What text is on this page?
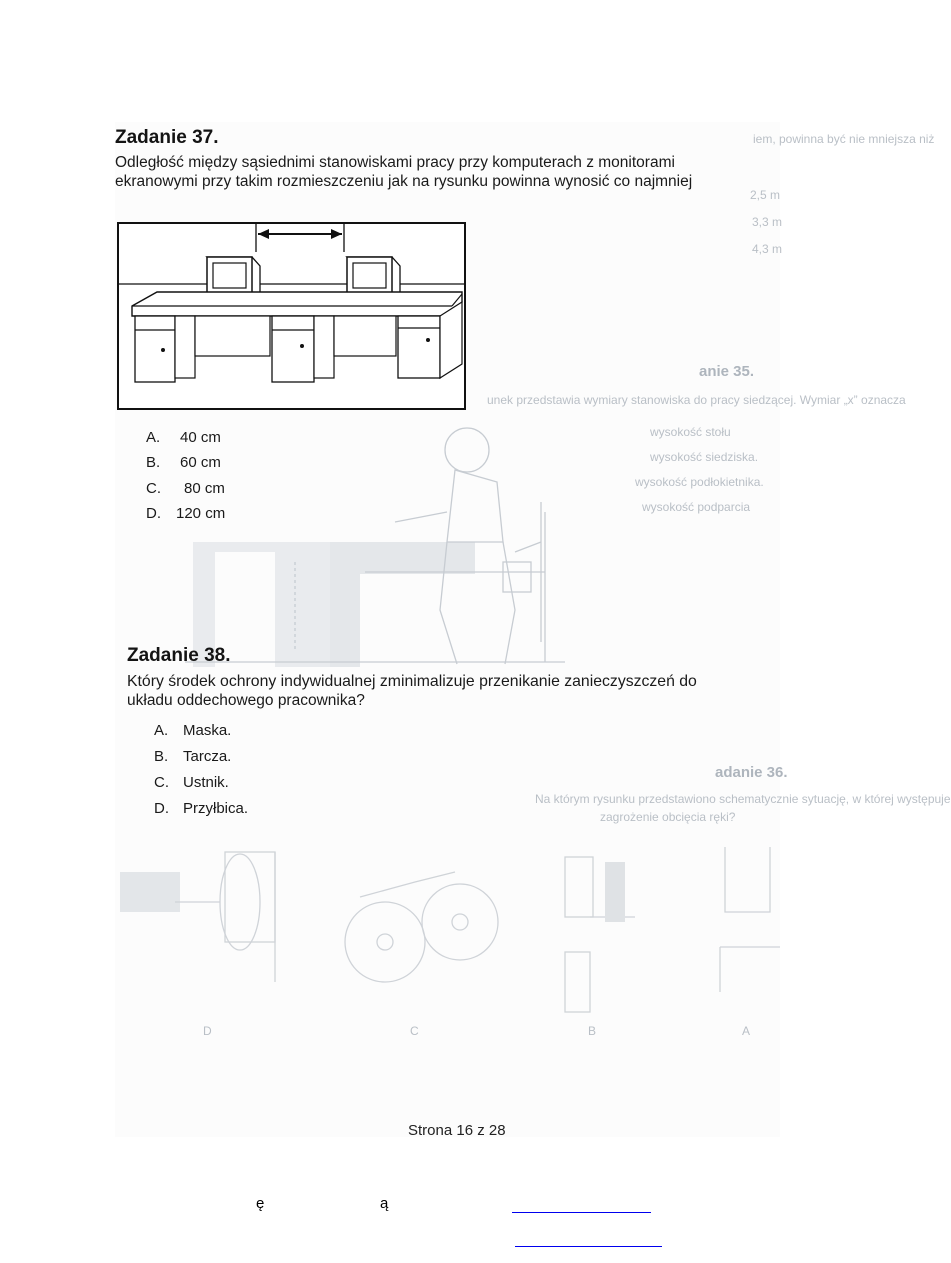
iem, powinna być nie mniejsza niż
2,5 m
3,3 m
4,3 m
anie 35.
unek przedstawia wymiary stanowiska do pracy siedzącej. Wymiar „x” oznacza
wysokość stołu
wysokość siedziska.
wysokość podłokietnika.
wysokość podparcia
adanie 36.
Na którym rysunku przedstawiono schematycznie sytuację, w której występuje
zagrożenie obcięcia ręki?
D	C	B	A
Zadanie 37.
Odległość między sąsiednimi stanowiskami pracy przy komputerach z monitorami
ekranowymi przy takim rozmieszczeniu jak na rysunku powinna wynosić co najmniej
A. 40 cm
B. 60 cm
C. 80 cm
D. 120 cm
Zadanie 38.
Który środek ochrony indywidualnej zminimalizuje przenikanie zanieczyszczeń do
układu oddechowego pracownika?
A. Maska.
B. Tarcza.
C. Ustnik.
D. Przyłbica.
Strona 16 z 28
ę	ą
